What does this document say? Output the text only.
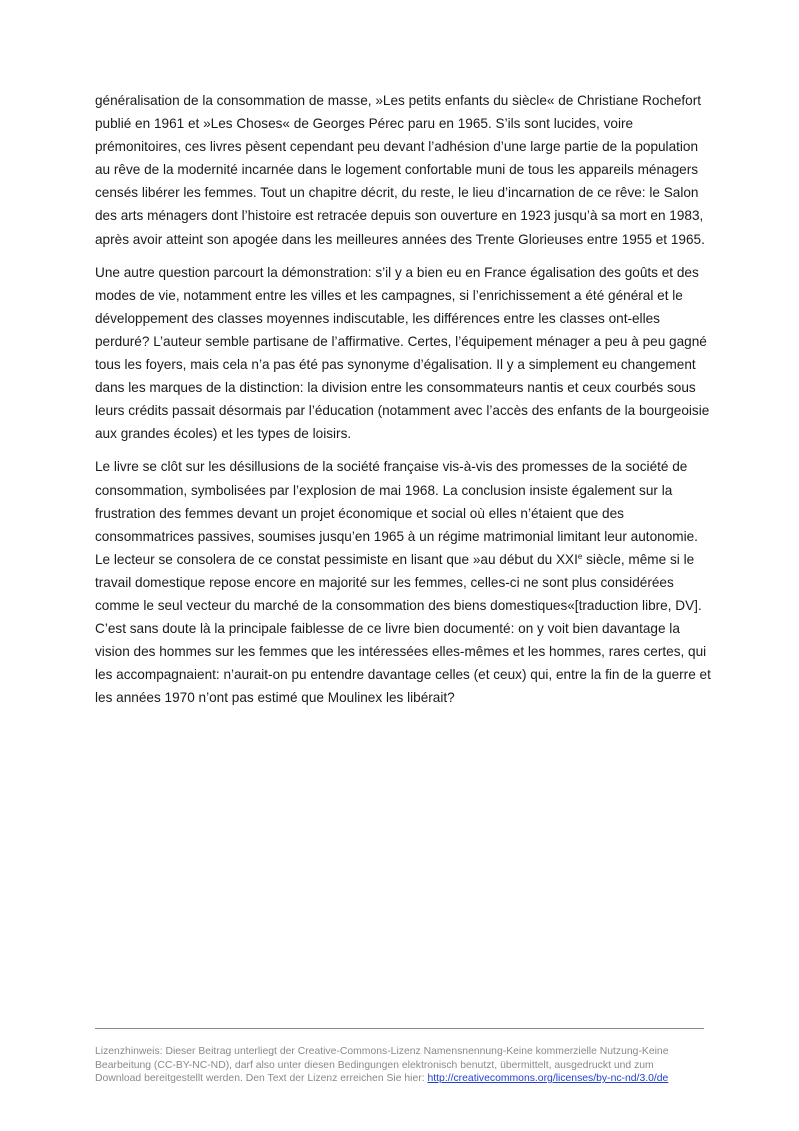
généralisation de la consommation de masse, »Les petits enfants du siècle« de Christiane Rochefort
publié en 1961 et »Les Choses« de Georges Pérec paru en 1965. S’ils sont lucides, voire
prémonitoires, ces livres pèsent cependant peu devant l’adhésion d’une large partie de la population
au rêve de la modernité incarnée dans le logement confortable muni de tous les appareils ménagers
censés libérer les femmes. Tout un chapitre décrit, du reste, le lieu d’incarnation de ce rêve: le Salon
des arts ménagers dont l’histoire est retracée depuis son ouverture en 1923 jusqu’à sa mort en 1983,
après avoir atteint son apogée dans les meilleures années des Trente Glorieuses entre 1955 et 1965.
Une autre question parcourt la démonstration: s’il y a bien eu en France égalisation des goûts et des
modes de vie, notamment entre les villes et les campagnes, si l’enrichissement a été général et le
développement des classes moyennes indiscutable, les différences entre les classes ont-elles
perduré? L’auteur semble partisane de l’affirmative. Certes, l’équipement ménager a peu à peu gagné
tous les foyers, mais cela n’a pas été pas synonyme d’égalisation. Il y a simplement eu changement
dans les marques de la distinction: la division entre les consommateurs nantis et ceux courbés sous
leurs crédits passait désormais par l’éducation (notamment avec l’accès des enfants de la bourgeoisie
aux grandes écoles) et les types de loisirs.
Le livre se clôt sur les désillusions de la société française vis-à-vis des promesses de la société de
consommation, symbolisées par l’explosion de mai 1968. La conclusion insiste également sur la
frustration des femmes devant un projet économique et social où elles n’étaient que des
consommatrices passives, soumises jusqu’en 1965 à un régime matrimonial limitant leur autonomie.
Le lecteur se consolera de ce constat pessimiste en lisant que »au début du XXIe siècle, même si le
travail domestique repose encore en majorité sur les femmes, celles-ci ne sont plus considérées
comme le seul vecteur du marché de la consommation des biens domestiques«[traduction libre, DV].
C’est sans doute là la principale faiblesse de ce livre bien documenté: on y voit bien davantage la
vision des hommes sur les femmes que les intéressées elles-mêmes et les hommes, rares certes, qui
les accompagnaient: n’aurait-on pu entendre davantage celles (et ceux) qui, entre la fin de la guerre et
les années 1970 n’ont pas estimé que Moulinex les libérait?
Lizenzhinweis: Dieser Beitrag unterliegt der Creative-Commons-Lizenz Namensnennung-Keine kommerzielle Nutzung-Keine
Bearbeitung (CC-BY-NC-ND), darf also unter diesen Bedingungen elektronisch benutzt, übermittelt, ausgedruckt und zum
Download bereitgestellt werden. Den Text der Lizenz erreichen Sie hier: http://creativecommons.org/licenses/by-nc-nd/3.0/de
